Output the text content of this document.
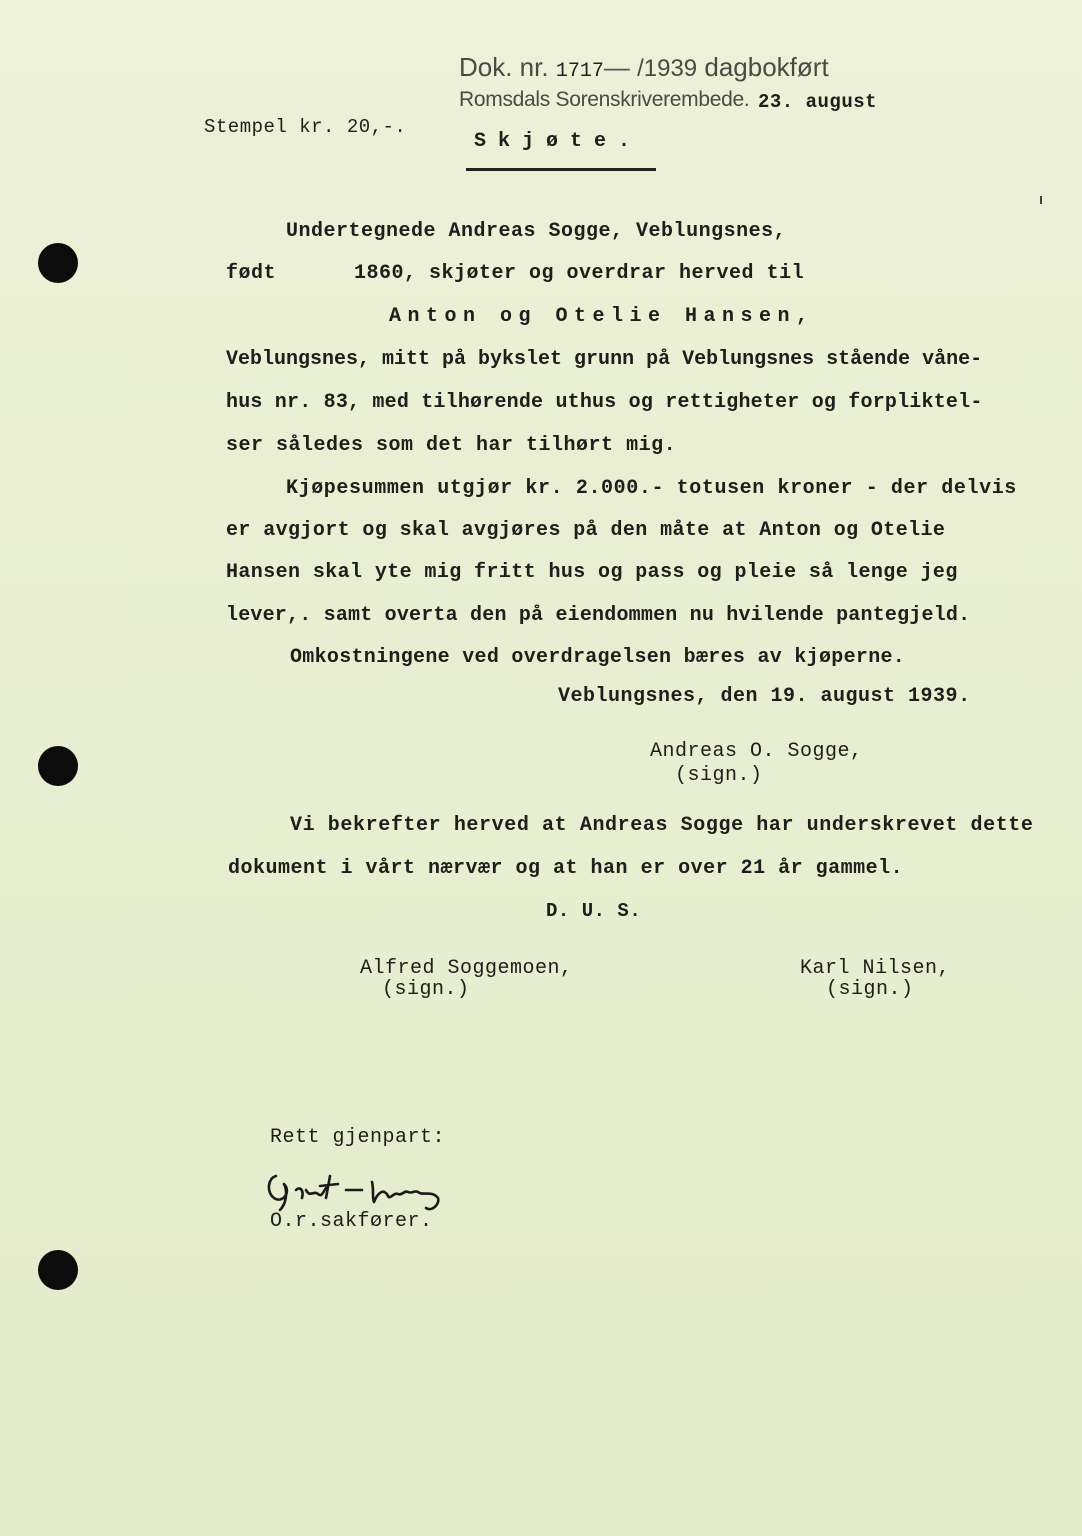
Dok. nr. 1717— /1939 dagbokført
Romsdals Sorenskriverembede. 23. august
Stempel kr. 20,-.
Skjøte.
Undertegnede Andreas Sogge, Veblungsnes,
født	1860, skjøter og overdrar herved til
Anton og Otelie Hansen,
Veblungsnes, mitt på bykslet grunn på Veblungsnes stående våne-
hus nr. 83, med tilhørende uthus og rettigheter og forpliktel-
ser således som det har tilhørt mig.
Kjøpesummen utgjør kr. 2.000.- totusen kroner - der delvis
er avgjort og skal avgjøres på den måte at Anton og Otelie
Hansen skal yte mig fritt hus og pass og pleie så lenge jeg
lever,. samt overta den på eiendommen nu hvilende pantegjeld.
Omkostningene ved overdragelsen bæres av kjøperne.
Veblungsnes, den 19. august 1939.
Andreas O. Sogge,
(sign.)
Vi bekrefter herved at Andreas Sogge har underskrevet dette
dokument i vårt nærvær og at han er over 21 år gammel.
D. U. S.
Alfred Soggemoen,
(sign.)
Karl Nilsen,
(sign.)
Rett gjenpart:
O.r.sakfører.
